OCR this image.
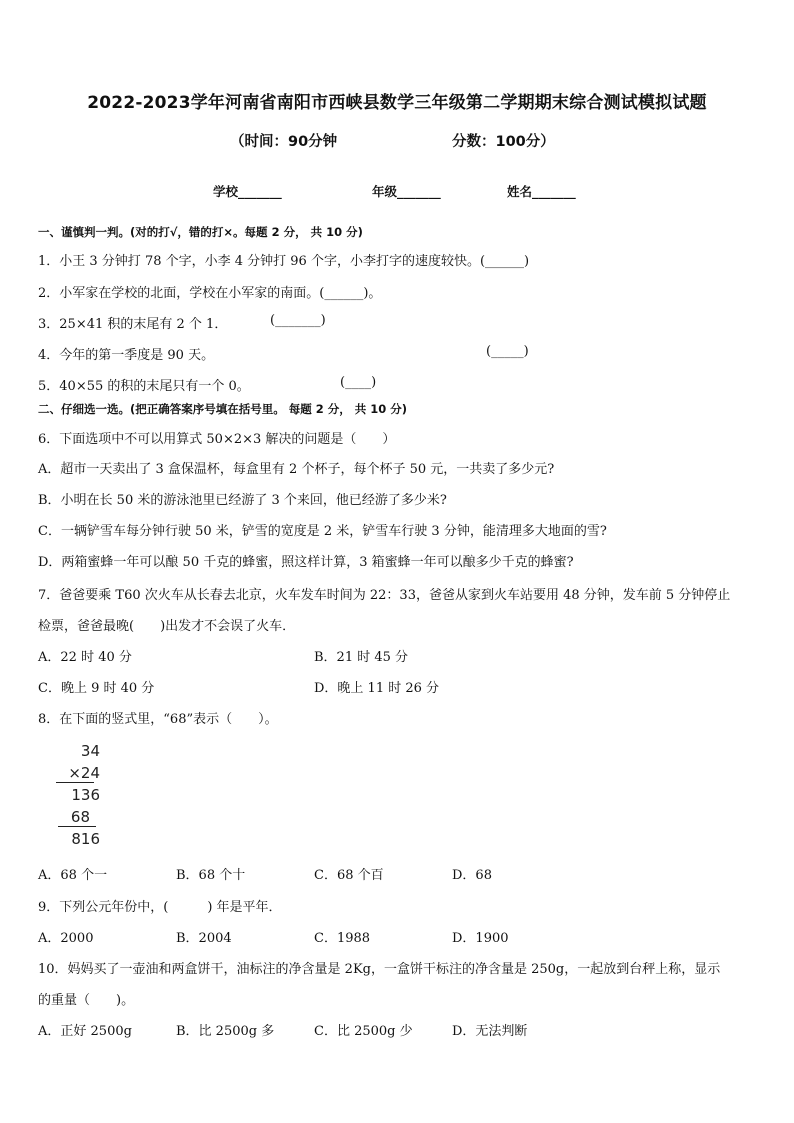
2022-2023学年河南省南阳市西峡县数学三年级第二学期期末综合测试模拟试题
（时间：90分钟	分数：100分）
学校_______	年级_______	姓名_______
一、谨慎判一判。(对的打√，错的打×。每题 2 分， 共 10 分)
1．小王 3 分钟打 78 个字，小李 4 分钟打 96 个字，小李打字的速度较快。(______)
2．小军家在学校的北面，学校在小军家的南面。(______)。
3．25×41 积的末尾有 2 个 1．	(_______)
4．今年的第一季度是 90 天。	(_____)
5．40×55 的积的末尾只有一个 0。	(____)
二、仔细选一选。(把正确答案序号填在括号里。 每题 2 分， 共 10 分)
6．下面选项中不可以用算式 50×2×3 解决的问题是（　　）
A．超市一天卖出了 3 盒保温杯，每盒里有 2 个杯子，每个杯子 50 元，一共卖了多少元?
B．小明在长 50 米的游泳池里已经游了 3 个来回，他已经游了多少米?
C．一辆铲雪车每分钟行驶 50 米，铲雪的宽度是 2 米，铲雪车行驶 3 分钟，能清理多大地面的雪?
D．两箱蜜蜂一年可以酿 50 千克的蜂蜜，照这样计算，3 箱蜜蜂一年可以酿多少千克的蜂蜜?
7．爸爸要乘 T60 次火车从长春去北京，火车发车时间为 22：33，爸爸从家到火车站要用 48 分钟，发车前 5 分钟停止
检票，爸爸最晚(　　)出发才不会误了火车．
A．22 时 40 分	B．21 时 45 分
C．晚上 9 时 40 分	D．晚上 11 时 26 分
8．在下面的竖式里，“68”表示（　　）。
34
×24
136
68
816
A．68 个一	B．68 个十	C．68 个百	D．68
9．下列公元年份中，(　　　) 年是平年．
A．2000	B．2004	C．1988	D．1900
10．妈妈买了一壶油和两盒饼干，油标注的净含量是 2Kg，一盒饼干标注的净含量是 250g，一起放到台秤上称，显示
的重量（　　)。
A．正好 2500g	B．比 2500g 多	C．比 2500g 少	D．无法判断
